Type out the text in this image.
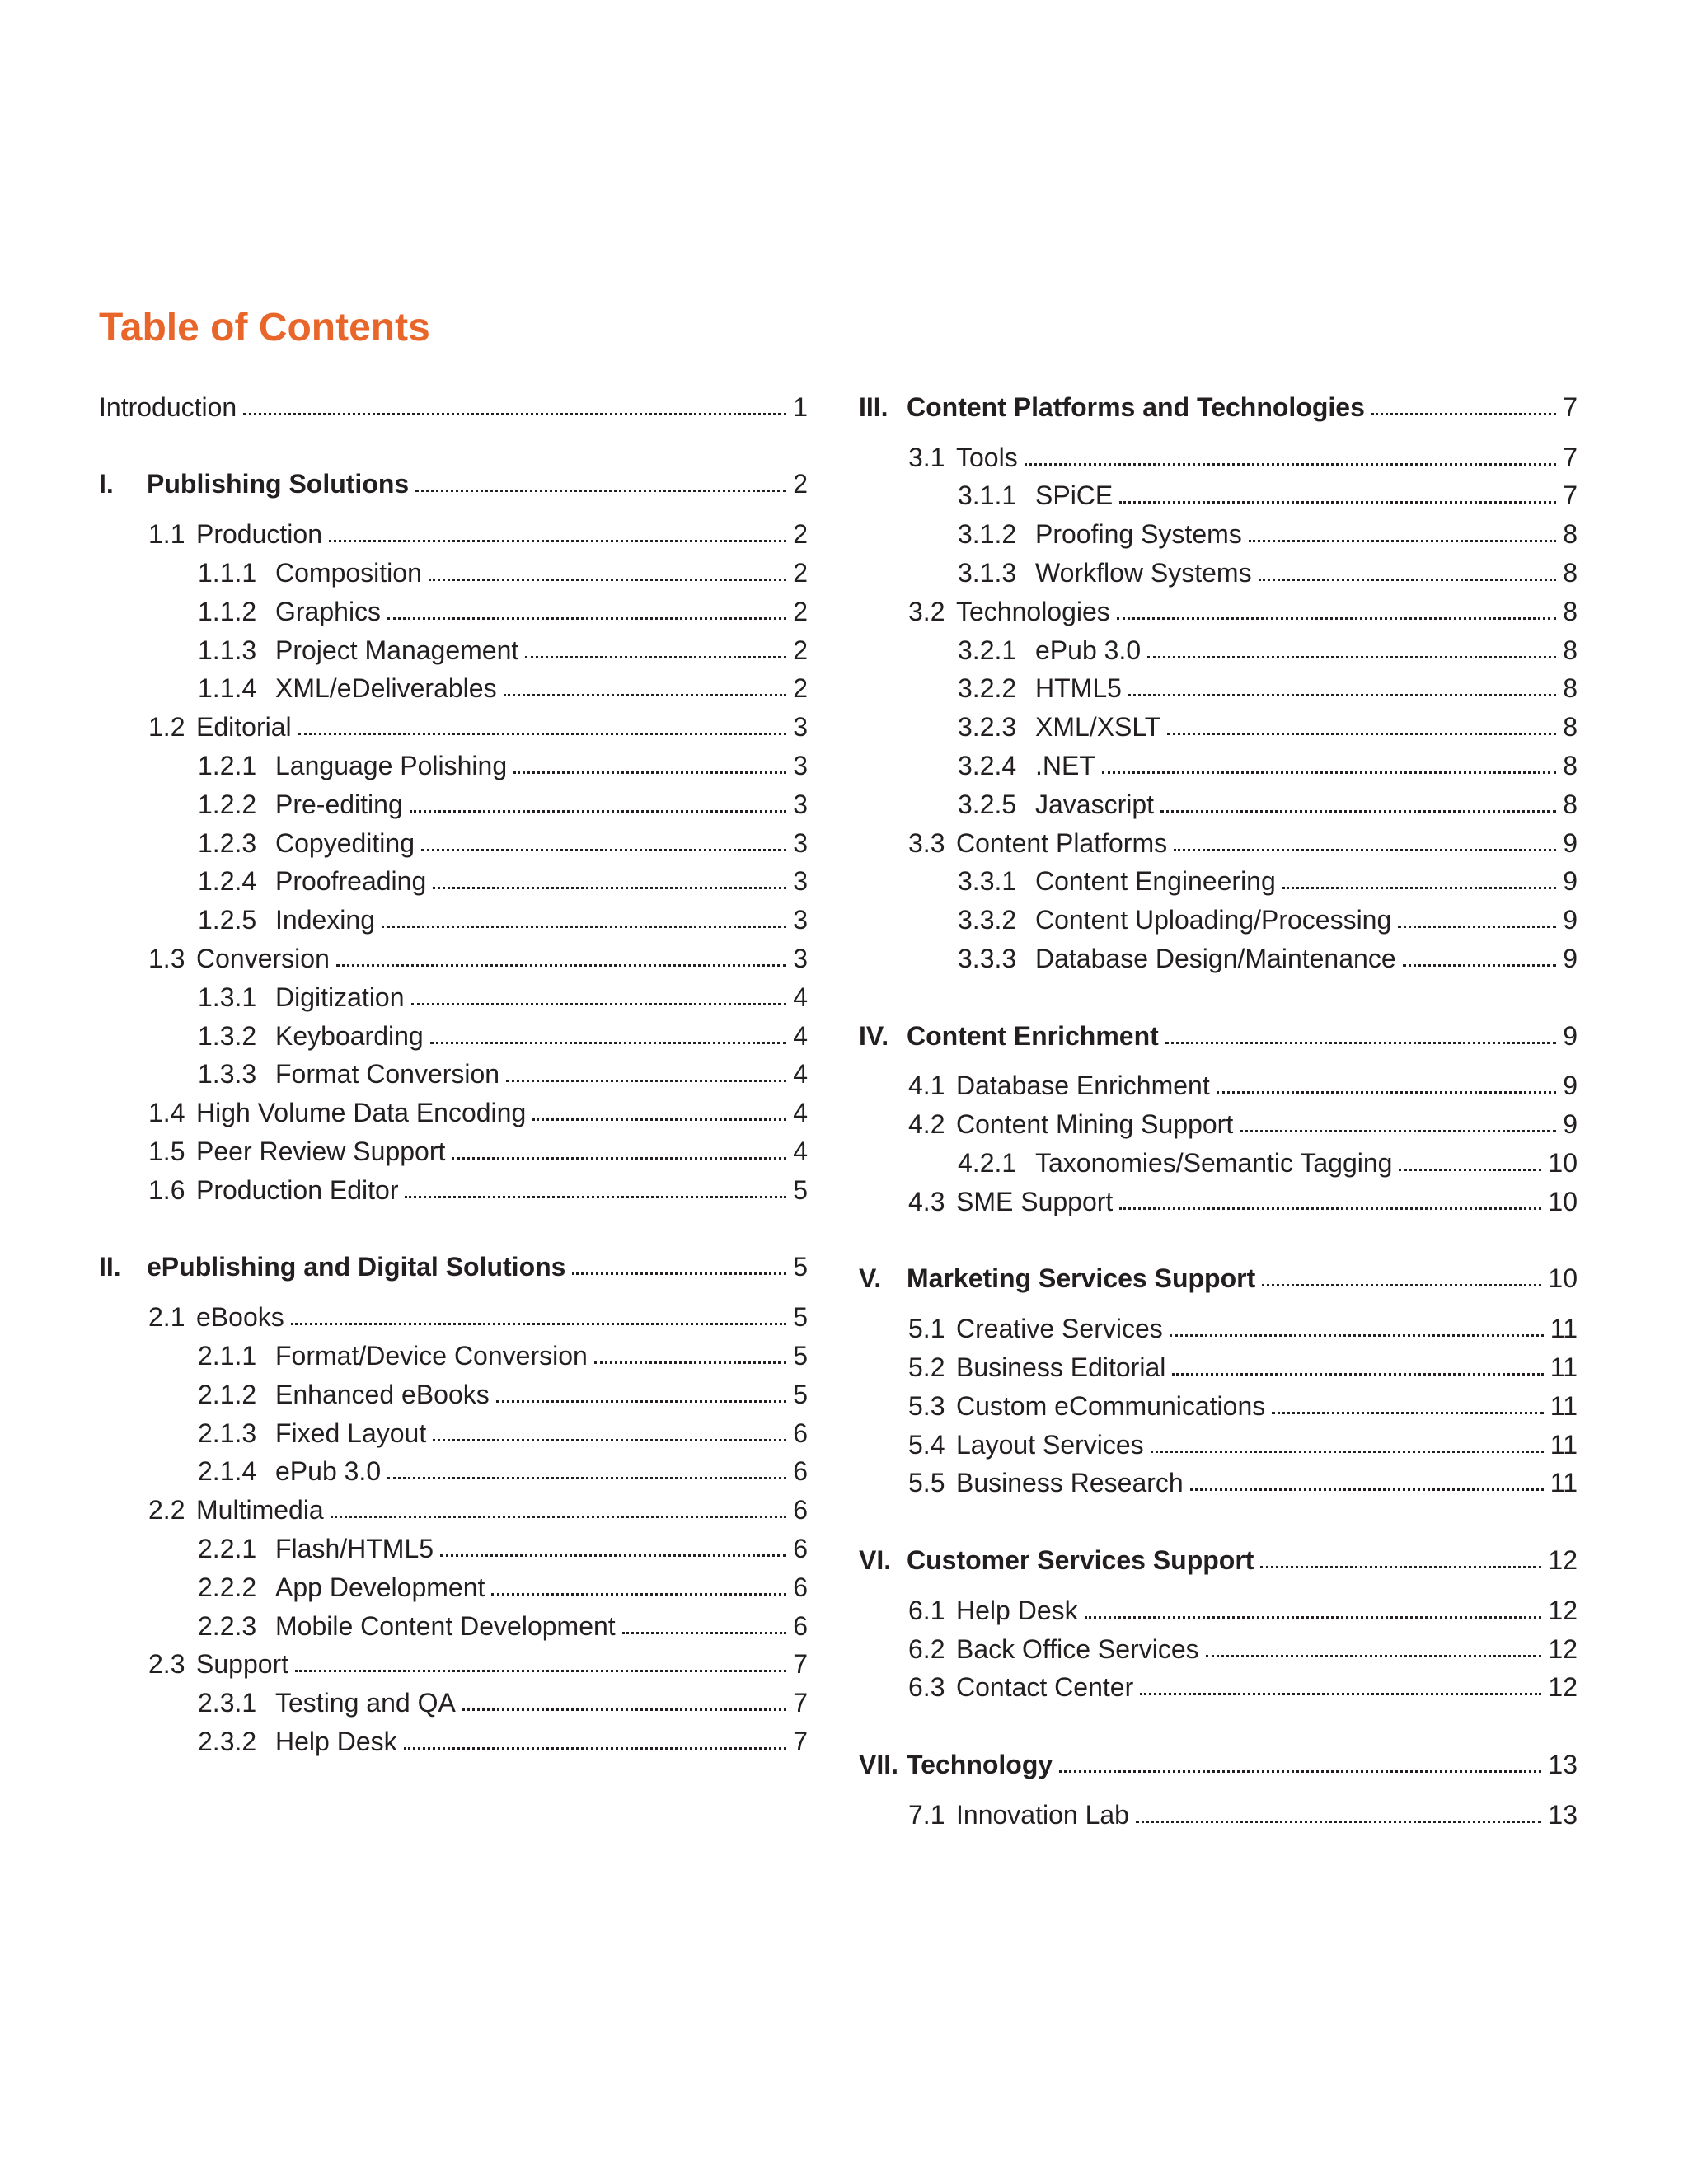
Table of Contents
Introduction	1
I.	Publishing Solutions	2
1.1 Production	2
1.1.1 Composition	2
1.1.2 Graphics	2
1.1.3 Project Management	2
1.1.4 XML/eDeliverables	2
1.2 Editorial	3
1.2.1 Language Polishing	3
1.2.2 Pre-editing	3
1.2.3 Copyediting	3
1.2.4 Proofreading	3
1.2.5 Indexing	3
1.3 Conversion	3
1.3.1 Digitization	4
1.3.2 Keyboarding	4
1.3.3 Format Conversion	4
1.4 High Volume Data Encoding	4
1.5 Peer Review Support	4
1.6 Production Editor	5
II. ePublishing and Digital Solutions	5
2.1 eBooks	5
2.1.1 Format/Device Conversion	5
2.1.2 Enhanced eBooks	5
2.1.3 Fixed Layout	6
2.1.4 ePub 3.0	6
2.2 Multimedia	6
2.2.1 Flash/HTML5	6
2.2.2 App Development	6
2.2.3 Mobile Content Development	6
2.3 Support	7
2.3.1 Testing and QA	7
2.3.2 Help Desk	7
III. Content Platforms and Technologies	7
3.1 Tools	7
3.1.1 SPiCE	7
3.1.2 Proofing Systems	8
3.1.3 Workflow Systems	8
3.2 Technologies	8
3.2.1 ePub 3.0	8
3.2.2 HTML5	8
3.2.3 XML/XSLT	8
3.2.4 .NET	8
3.2.5 Javascript	8
3.3 Content Platforms	9
3.3.1 Content Engineering	9
3.3.2 Content Uploading/Processing	9
3.3.3 Database Design/Maintenance	9
IV. Content Enrichment	9
4.1 Database Enrichment	9
4.2 Content Mining Support	9
4.2.1 Taxonomies/Semantic Tagging	10
4.3 SME Support	10
V. Marketing Services Support	10
5.1 Creative Services	11
5.2 Business Editorial	11
5.3 Custom eCommunications	11
5.4 Layout Services	11
5.5 Business Research	11
VI. Customer Services Support	12
6.1 Help Desk	12
6.2 Back Office Services	12
6.3 Contact Center	12
VII. Technology	13
7.1 Innovation Lab	13
